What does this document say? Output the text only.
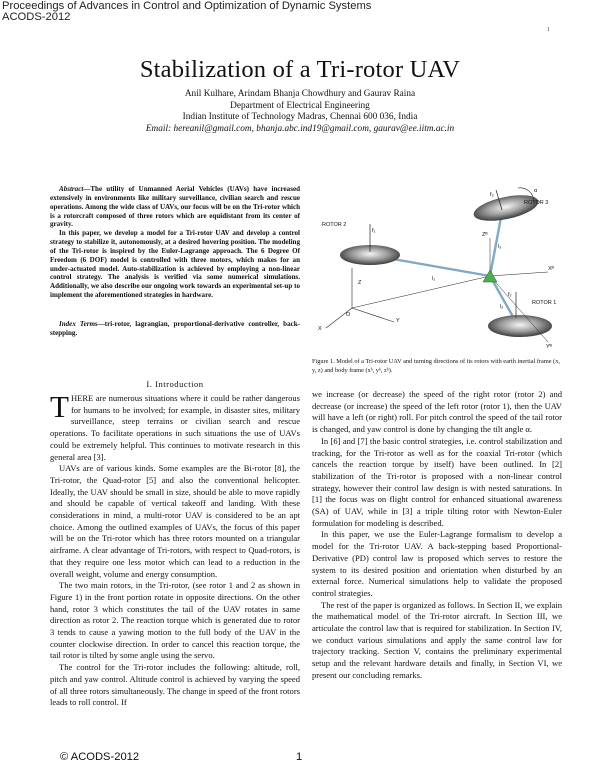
Proceedings of Advances in Control and Optimization of Dynamic Systems
ACODS-2012
1
Stabilization of a Tri-rotor UAV
Anil Kulhare, Arindam Bhanja Chowdhury and Gaurav Raina
Department of Electrical Engineering
Indian Institute of Technology Madras, Chennai 600 036, India
Email: hereanil@gmail.com, bhanja.abc.ind19@gmail.com, gaurav@ee.iitm.ac.in

Abstract—The utility of Unmanned Aerial Vehicles (UAVs) have increased extensively in environments like military surveillance, civilian search and rescue operations. Among the wide class of UAVs, our focus will be on the Tri-rotor which is a rotorcraft composed of three rotors which are equidistant from its center of gravity.

In this paper, we develop a model for a Tri-rotor UAV and develop a control strategy to stabilize it, autonomously, at a desired hovering position. The modeling of the Tri-rotor is inspired by the Euler-Lagrange approach. The 6 Degree Of Freedom (6 DOF) model is controlled with three motors, which makes for an under-actuated model. Auto-stabilization is achieved by employing a non-linear control strategy. The analysis is verified via some numerical simulations. Additionally, we also describe our ongoing work towards an experimental set-up to implement the aforementioned strategies in hardware.

Index Terms—tri-rotor, lagrangian, proportional-derivative controller, back-stepping.
I. Introduction

THERE are numerous situations where it could be rather dangerous for humans to be involved; for example, in disaster sites, military surveillance, steep terrains or civilian search and rescue operations. To facilitate operations in such situations the use of UAVs could be extremely helpful. This continues to motivate research in this general area [3].

UAVs are of various kinds. Some examples are the Bi-rotor [8], the Tri-rotor, the Quad-rotor [5] and also the conventional helicopter. Ideally, the UAV should be small in size, should be able to move rapidly and should be capable of vertical takeoff and landing. With these considerations in mind, a multi-rotor UAV is considered to be an apt choice. Among the outlined examples of UAVs, the focus of this paper will be on the Tri-rotor which has three rotors mounted on a triangular airframe. A clear advantage of Tri-rotors, with respect to Quad-rotors, is that they require one less motor which can lead to a reduction in the overall weight, volume and energy consumption.

The two main rotors, in the Tri-rotor, (see rotor 1 and 2 as shown in Figure 1) in the front portion rotate in opposite directions. On the other hand, rotor 3 which constitutes the tail of the UAV rotates in same direction as rotor 2. The reaction torque which is generated due to rotor 3 tends to cause a yawing motion to the full body of the UAV in the counter clockwise direction. In order to cancel this reaction torque, the tail rotor is tilted by some angle using the servo.

The control for the Tri-rotor includes the following: altitude, roll, pitch and yaw control. Altitude control is achieved by varying the speed of all three rotors simultaneously. The change in speed of the front rotors leads to roll control. If

ROTOR 2
ROTOR 3
ROTOR 1
f₁
f₂
f₃
l₁
l₂
l₃
Z
X
Y
Zᴮ
Xᴮ
Yᴮ
α
O
Figure 1. Model of a Tri-rotor UAV and turning directions of its rotors with earth inertial frame (x, y, z) and body frame (xᵇ, yᵇ, zᵇ).

we increase (or decrease) the speed of the right rotor (rotor 2) and decrease (or increase) the speed of the left rotor (rotor 1), then the UAV will have a left (or right) roll. For pitch control the speed of the tail rotor is changed, and yaw control is done by changing the tilt angle α.

In [6] and [7] the basic control strategies, i.e. control stabilization and tracking, for the Tri-rotor as well as for the coaxial Tri-rotor (which cancels the reaction torque by itself) have been outlined. In [2] stabilization of the Tri-rotor is proposed with a non-linear control strategy, however their control law design is with nested saturations. In [1] the focus was on flight control for enhanced situational awareness (SA) of UAV, while in [3] a triple tilting rotor with Newton-Euler formulation for modeling is described.

In this paper, we use the Euler-Lagrange formalism to develop a model for the Tri-rotor UAV. A back-stepping based Proportional-Derivative (PD) control law is proposed which serves to restore the system to its desired position and orientation when disturbed by an external force. Numerical simulations help to validate the proposed control strategies.

The rest of the paper is organized as follows. In Section II, we explain the mathematical model of the Tri-rotor aircraft. In Section III, we articulate the control law that is required for stabilization. In Section IV, we conduct various simulations and apply the same control law for trajectory tracking. Section V, contains the preliminary experimental setup and the relevant hardware details and finally, in Section VI, we present our concluding remarks.

© ACODS-2012	1
